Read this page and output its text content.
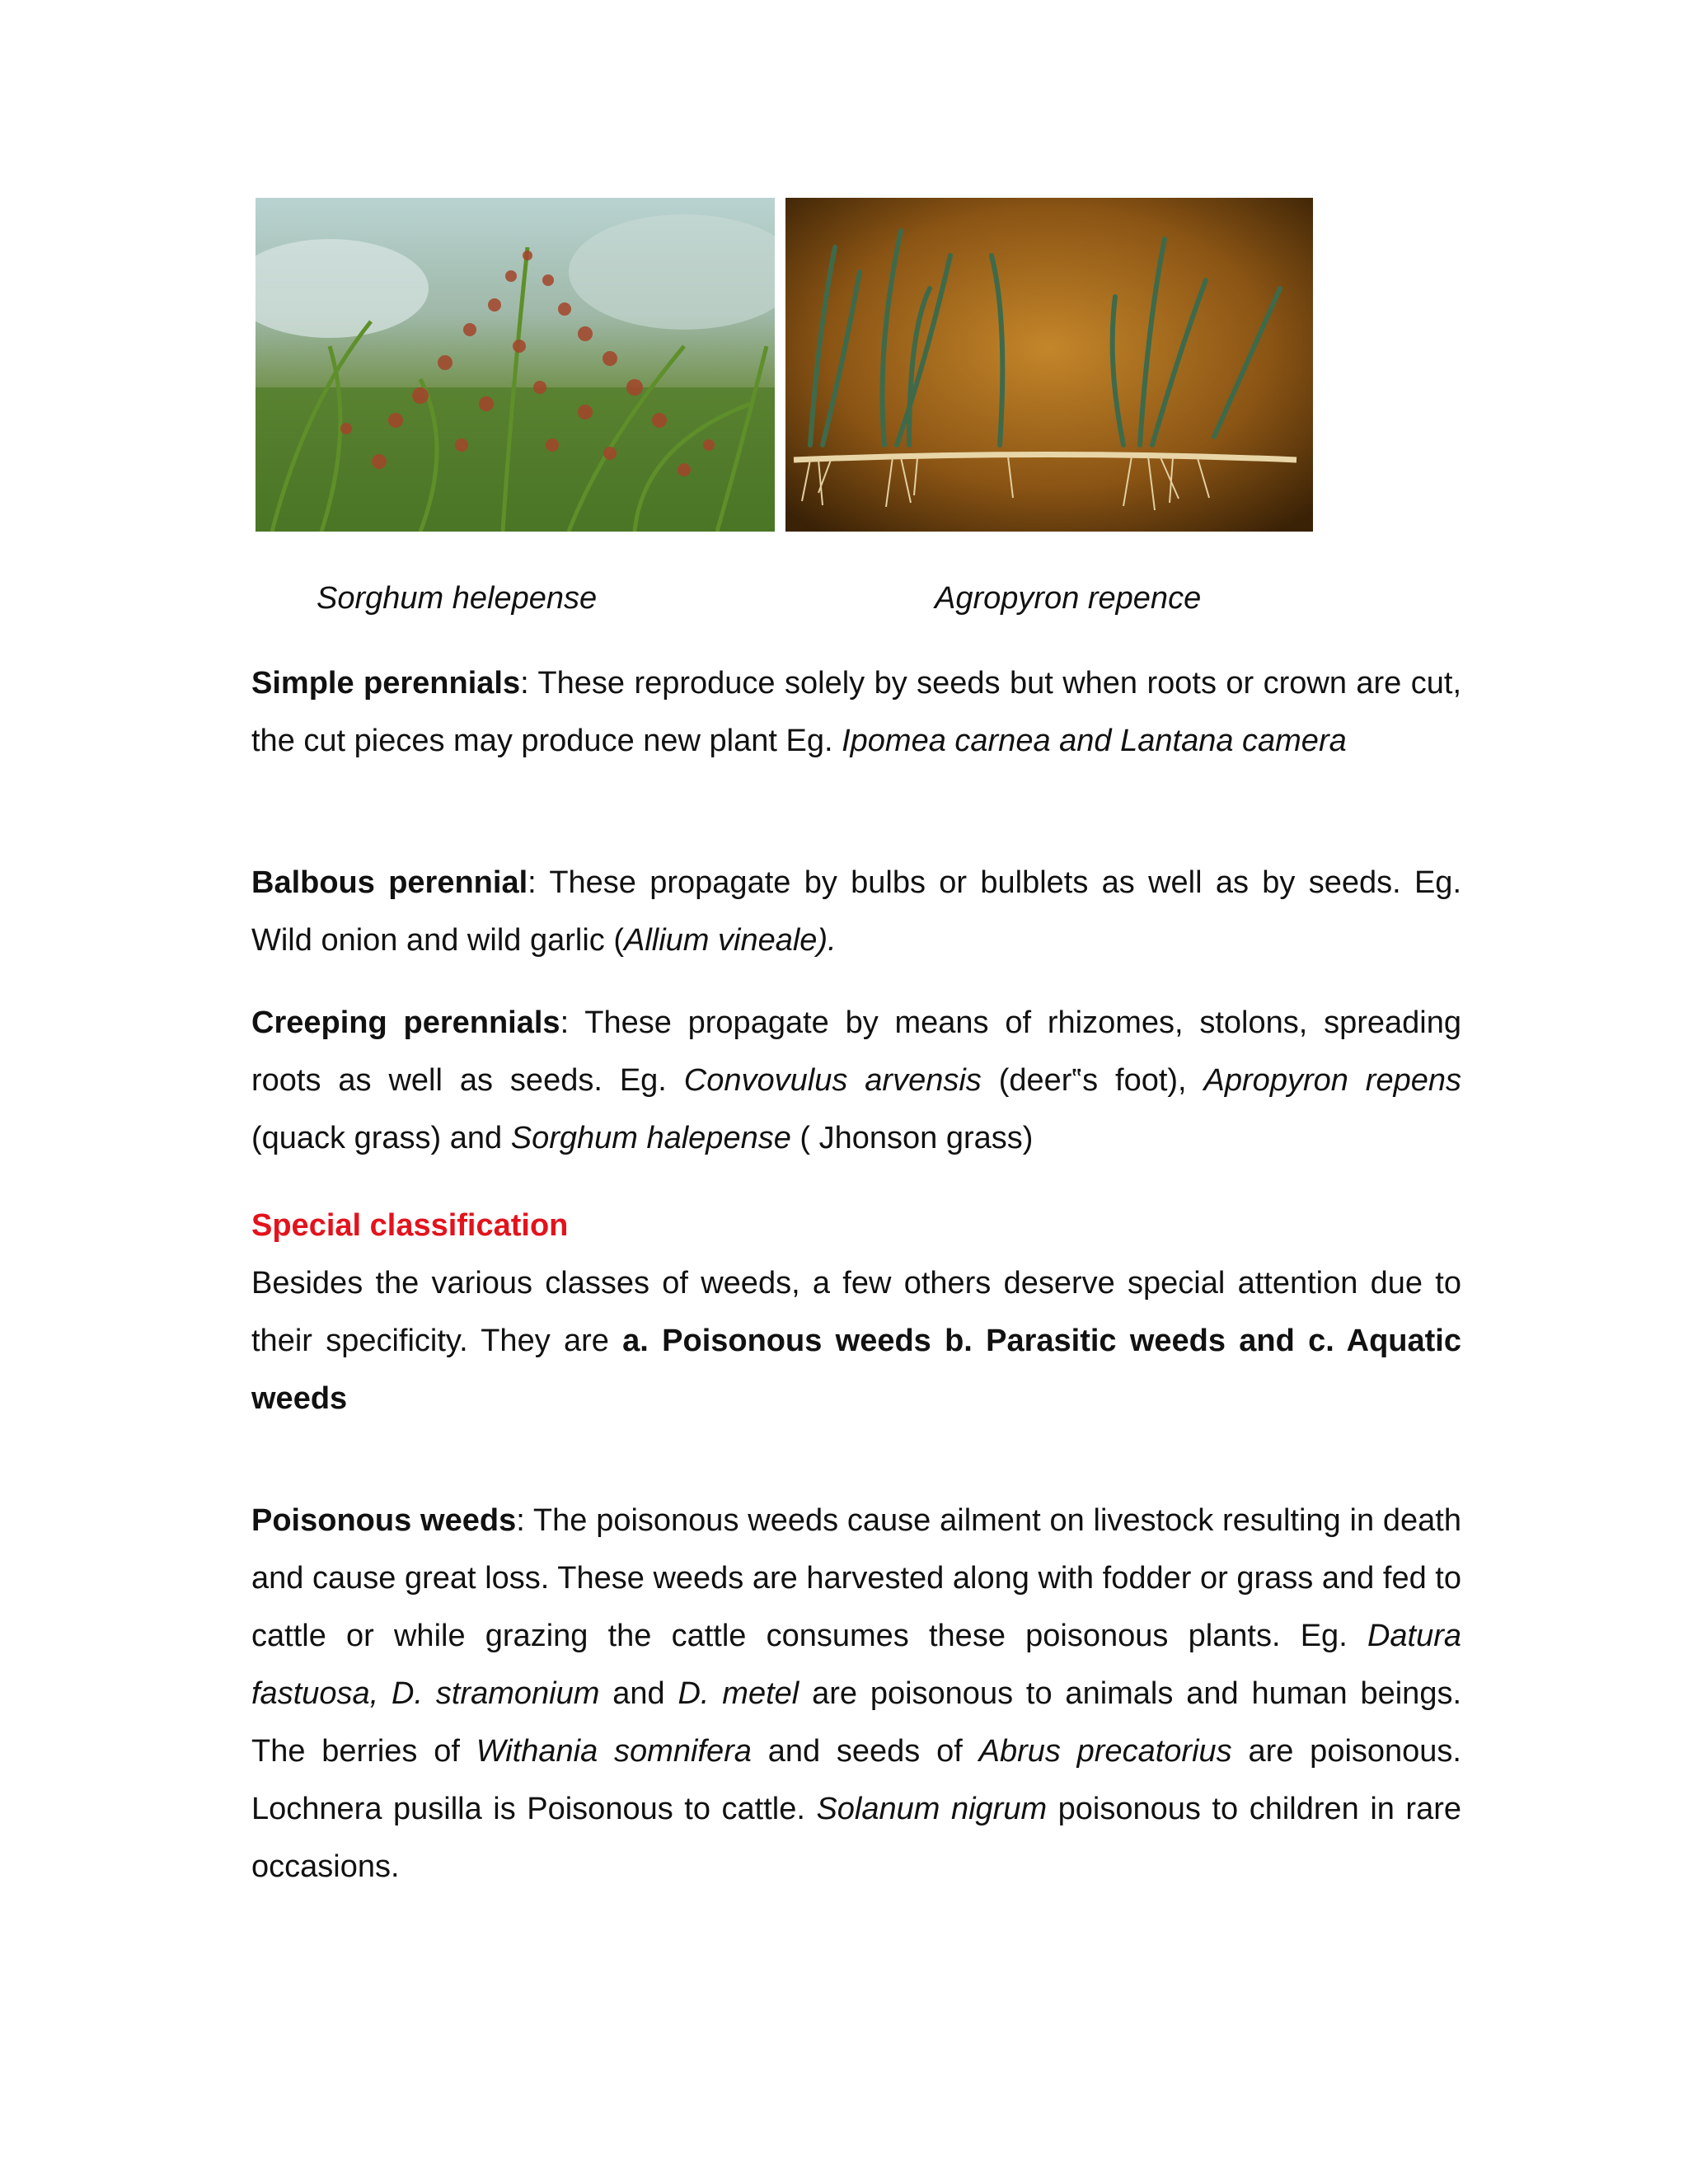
Sorghum helepense	Agropyron repence
Simple perennials: These reproduce solely by seeds but when roots or crown are cut, the cut pieces may produce new plant Eg. Ipomea carnea and Lantana camera
Balbous perennial: These propagate by bulbs or bulblets as well as by seeds. Eg. Wild onion and wild garlic (Allium vineale).
Creeping perennials: These propagate by means of rhizomes, stolons, spreading roots as well as seeds. Eg. Convovulus arvensis (deer‟s foot), Apropyron repens (quack grass) and Sorghum halepense ( Jhonson grass)
Special classification
Besides the various classes of weeds, a few others deserve special attention due to their specificity. They are a. Poisonous weeds b. Parasitic weeds and c. Aquatic weeds
Poisonous weeds: The poisonous weeds cause ailment on livestock resulting in death and cause great loss. These weeds are harvested along with fodder or grass and fed to cattle or while grazing the cattle consumes these poisonous plants. Eg. Datura fastuosa, D. stramonium and D. metel are poisonous to animals and human beings. The berries of Withania somnifera and seeds of Abrus precatorius are poisonous. Lochnera pusilla is Poisonous to cattle. Solanum nigrum poisonous to children in rare occasions.
